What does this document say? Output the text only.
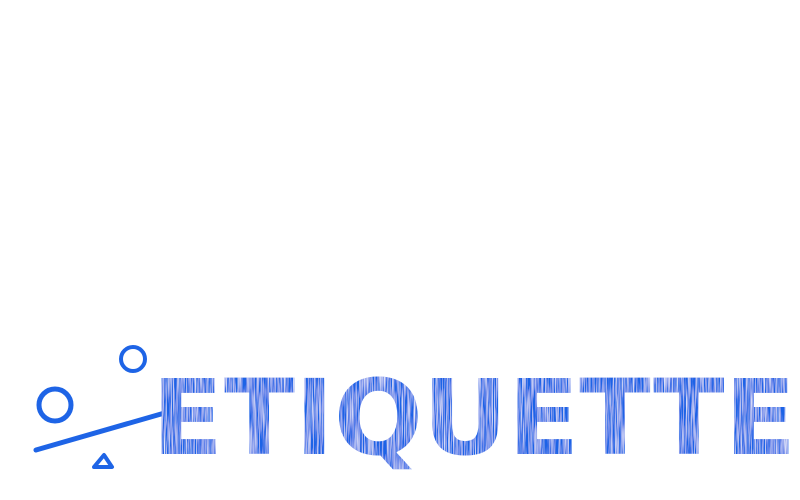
ETIQUETTE
